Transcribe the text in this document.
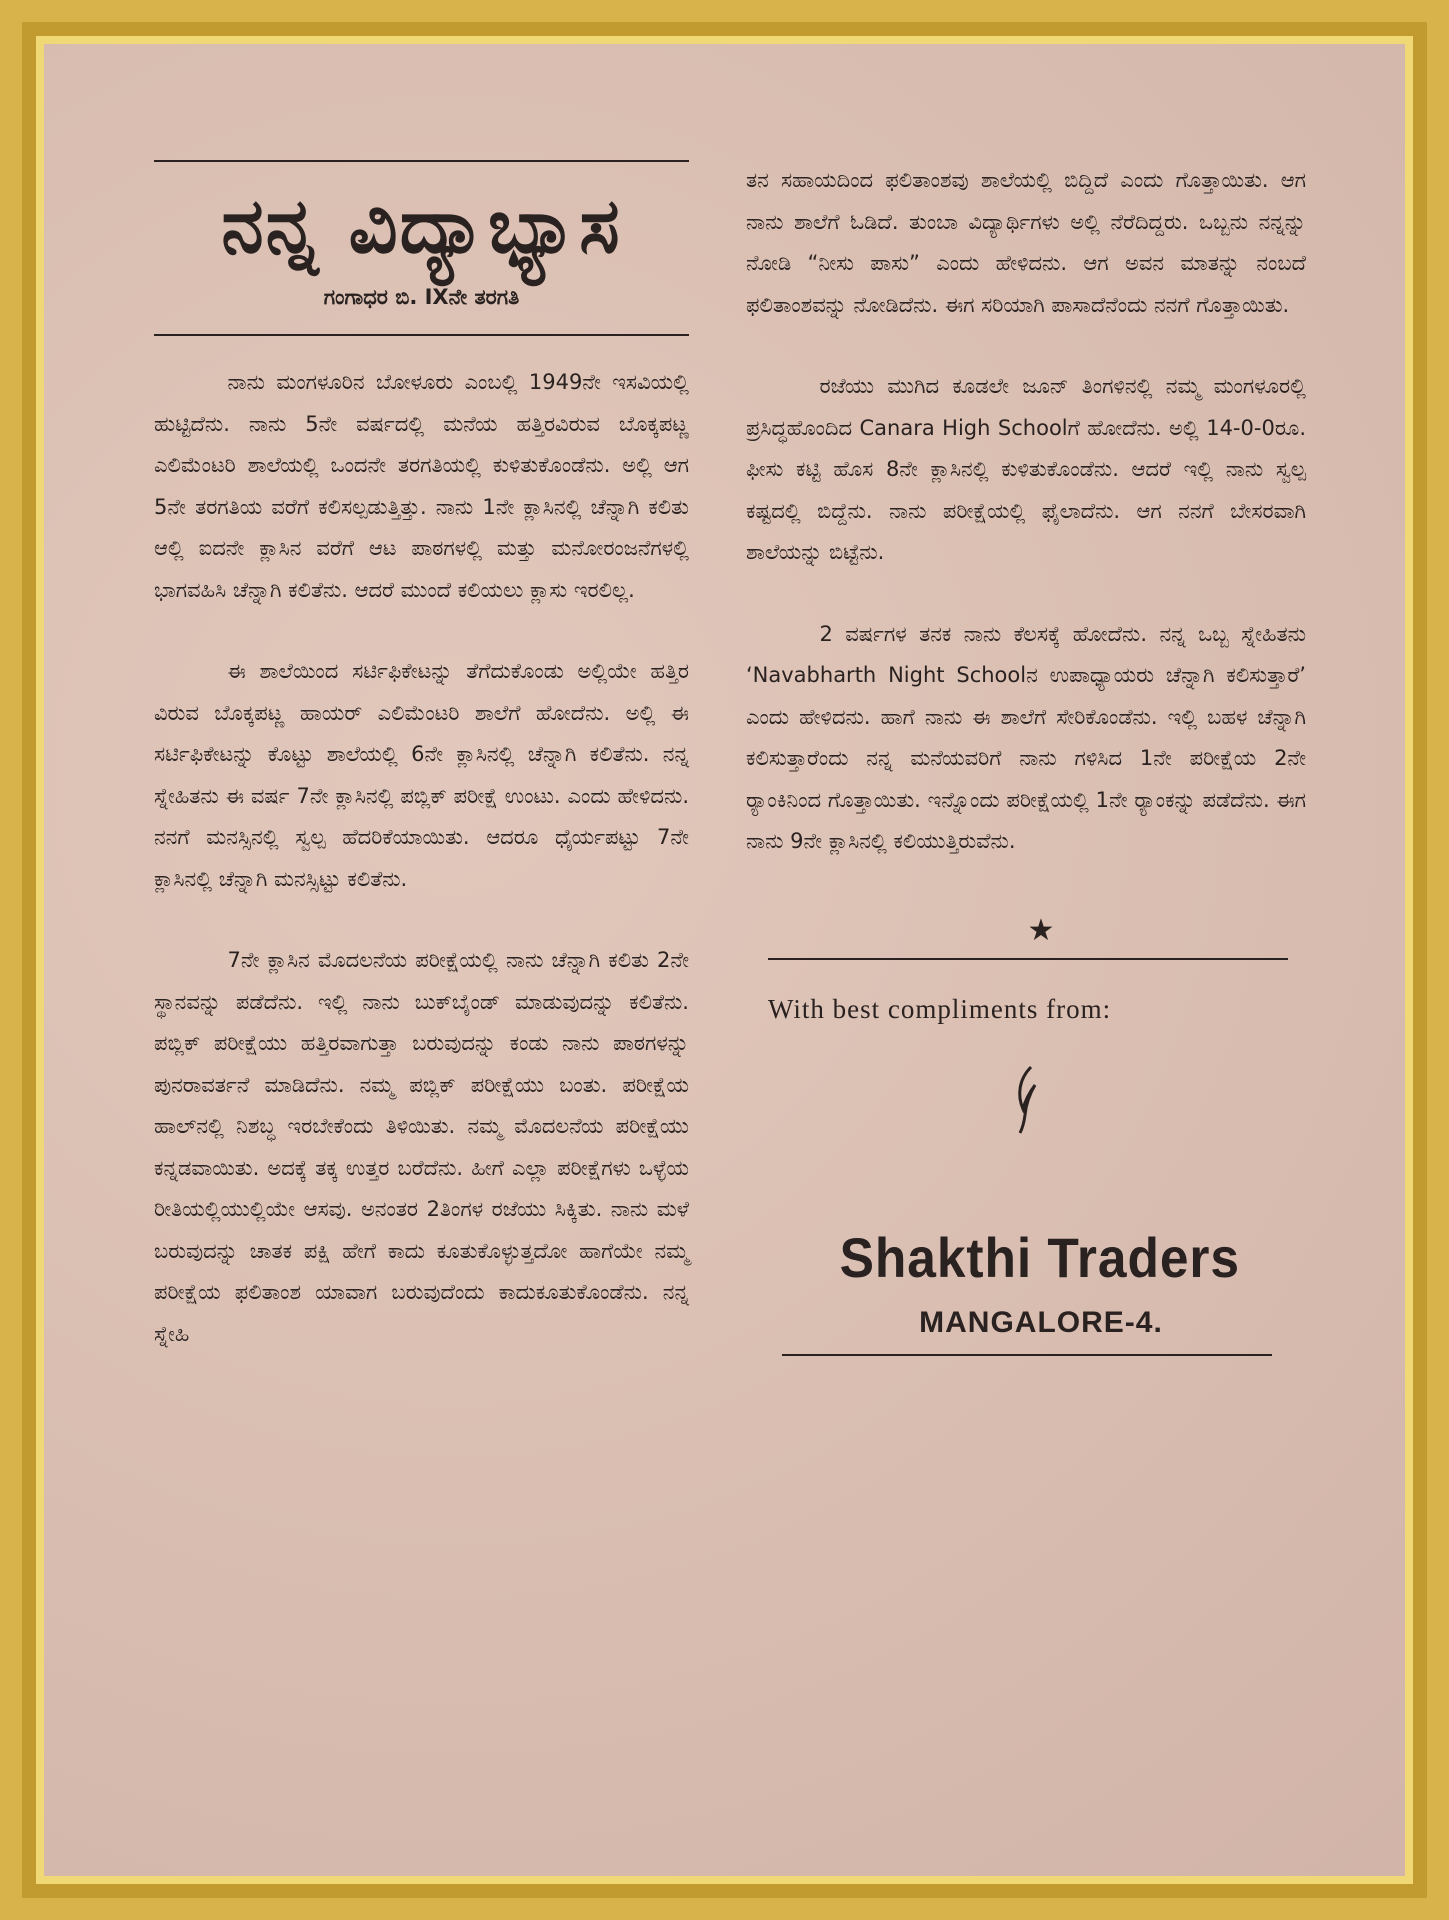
ನನ್ನ ವಿದ್ಯಾಭ್ಯಾಸ

ಗಂಗಾಧರ ಬಿ. IXನೇ ತರಗತಿ

ನಾನು ಮಂಗಳೂರಿನ ಬೋಳೂರು ಎಂಬಲ್ಲಿ 1949ನೇ ಇಸವಿಯಲ್ಲಿ ಹುಟ್ಟಿದೆನು. ನಾನು 5ನೇ ವರ್ಷದಲ್ಲಿ ಮನೆಯ ಹತ್ತಿರವಿರುವ ಬೊಕ್ಕಪಟ್ಣ ಎಲಿಮೆಂಟರಿ ಶಾಲೆಯಲ್ಲಿ ಒಂದನೇ ತರಗತಿಯಲ್ಲಿ ಕುಳಿತುಕೊಂಡೆನು. ಅಲ್ಲಿ ಆಗ 5ನೇ ತರಗತಿಯ ವರೆಗೆ ಕಲಿಸಲ್ಪಡುತ್ತಿತ್ತು. ನಾನು 1ನೇ ಕ್ಲಾಸಿನಲ್ಲಿ ಚೆನ್ನಾಗಿ ಕಲಿತು ಆಲ್ಲಿ ಐದನೇ ಕ್ಲಾಸಿನ ವರೆಗೆ ಆಟ ಪಾಠಗಳಲ್ಲಿ ಮತ್ತು ಮನೋರಂಜನೆಗಳಲ್ಲಿ ಭಾಗವಹಿಸಿ ಚೆನ್ನಾಗಿ ಕಲಿತೆನು. ಆದರೆ ಮುಂದೆ ಕಲಿಯಲು ಕ್ಲಾಸು ಇರಲಿಲ್ಲ.

ಈ ಶಾಲೆಯಿಂದ ಸರ್ಟಿಫಿಕೇಟನ್ನು ತೆಗೆದುಕೊಂಡು ಅಲ್ಲಿಯೇ ಹತ್ತಿರ ವಿರುವ ಬೊಕ್ಕಪಟ್ಣ ಹಾಯರ್ ಎಲಿಮೆಂಟರಿ ಶಾಲೆಗೆ ಹೋದೆನು. ಅಲ್ಲಿ ಈ ಸರ್ಟಿಫಿಕೇಟನ್ನು ಕೊಟ್ಟು ಶಾಲೆಯಲ್ಲಿ 6ನೇ ಕ್ಲಾಸಿನಲ್ಲಿ ಚೆನ್ನಾಗಿ ಕಲಿತೆನು. ನನ್ನ ಸ್ನೇಹಿತನು ಈ ವರ್ಷ 7ನೇ ಕ್ಲಾಸಿನಲ್ಲಿ ಪಬ್ಲಿಕ್ ಪರೀಕ್ಷೆ ಉಂಟು. ಎಂದು ಹೇಳಿದನು. ನನಗೆ ಮನಸ್ಸಿನಲ್ಲಿ ಸ್ವಲ್ಪ ಹೆದರಿಕೆಯಾಯಿತು. ಆದರೂ ಧೈರ್ಯಪಟ್ಟು 7ನೇ ಕ್ಲಾಸಿನಲ್ಲಿ ಚೆನ್ನಾಗಿ ಮನಸ್ಸಿಟ್ಟು ಕಲಿತೆನು.

7ನೇ ಕ್ಲಾಸಿನ ಮೊದಲನೆಯ ಪರೀಕ್ಷೆಯಲ್ಲಿ ನಾನು ಚೆನ್ನಾಗಿ ಕಲಿತು 2ನೇ ಸ್ಥಾನವನ್ನು ಪಡೆದೆನು. ಇಲ್ಲಿ ನಾನು ಬುಕ್‌ಬೈಂಡ್ ಮಾಡುವುದನ್ನು ಕಲಿತೆನು. ಪಬ್ಲಿಕ್ ಪರೀಕ್ಷೆಯು ಹತ್ತಿರವಾಗುತ್ತಾ ಬರುವುದನ್ನು ಕಂಡು ನಾನು ಪಾಠಗಳನ್ನು ಪುನರಾವರ್ತನೆ ಮಾಡಿದೆನು. ನಮ್ಮ ಪಬ್ಲಿಕ್ ಪರೀಕ್ಷೆಯು ಬಂತು. ಪರೀಕ್ಷೆಯ ಹಾಲ್‌ನಲ್ಲಿ ನಿಶಬ್ಧ ಇರಬೇಕೆಂದು ತಿಳಿಯಿತು. ನಮ್ಮ ಮೊದಲನೆಯ ಪರೀಕ್ಷೆಯು ಕನ್ನಡವಾಯಿತು. ಅದಕ್ಕೆ ತಕ್ಕ ಉತ್ತರ ಬರೆದೆನು. ಹೀಗೆ ಎಲ್ಲಾ ಪರೀಕ್ಷೆಗಳು ಒಳ್ಳೆಯ ರೀತಿಯಲ್ಲಿಯುಲ್ಲಿಯೇ ಆಸವು. ಅನಂತರ 2ತಿಂಗಳ ರಜೆಯು ಸಿಕ್ಕಿತು. ನಾನು ಮಳೆ ಬರುವುದನ್ನು ಚಾತಕ ಪಕ್ಷಿ ಹೇಗೆ ಕಾದು ಕೂತುಕೊಳ್ಳುತ್ತದೋ ಹಾಗೆಯೇ ನಮ್ಮ ಪರೀಕ್ಷೆಯ ಫಲಿತಾಂಶ ಯಾವಾಗ ಬರುವುದೆಂದು ಕಾದುಕೂತುಕೊಂಡೆನು. ನನ್ನ ಸ್ನೇಹಿ

ತನ ಸಹಾಯದಿಂದ ಫಲಿತಾಂಶವು ಶಾಲೆಯಲ್ಲಿ ಬಿದ್ದಿದೆ ಎಂದು ಗೊತ್ತಾಯಿತು. ಆಗ ನಾನು ಶಾಲೆಗೆ ಓಡಿದೆ. ತುಂಬಾ ವಿದ್ಯಾರ್ಥಿಗಳು ಅಲ್ಲಿ ನೆರೆದಿದ್ದರು. ಒಬ್ಬನು ನನ್ನನ್ನು ನೋಡಿ “ನೀಸು ಪಾಸು” ಎಂದು ಹೇಳಿದನು. ಆಗ ಅವನ ಮಾತನ್ನು ನಂಬದೆ ಫಲಿತಾಂಶವನ್ನು ನೋಡಿದೆನು. ಈಗ ಸರಿಯಾಗಿ ಪಾಸಾದೆನೆಂದು ನನಗೆ ಗೊತ್ತಾಯಿತು.

ರಜೆಯು ಮುಗಿದ ಕೂಡಲೇ ಜೂನ್ ತಿಂಗಳಿನಲ್ಲಿ ನಮ್ಮ ಮಂಗಳೂರಲ್ಲಿ ಪ್ರಸಿದ್ಧಹೊಂದಿದ Canara High Schoolಗೆ ಹೋದೆನು. ಅಲ್ಲಿ 14-0-0ರೂ. ಫೀಸು ಕಟ್ಟಿ ಹೊಸ 8ನೇ ಕ್ಲಾಸಿನಲ್ಲಿ ಕುಳಿತುಕೊಂಡೆನು. ಆದರೆ ಇಲ್ಲಿ ನಾನು ಸ್ವಲ್ಪ ಕಷ್ಟದಲ್ಲಿ ಬಿದ್ದೆನು. ನಾನು ಪರೀಕ್ಷೆಯಲ್ಲಿ ಫೈಲಾದೆನು. ಆಗ ನನಗೆ ಬೇಸರವಾಗಿ ಶಾಲೆಯನ್ನು ಬಿಟ್ಟೆನು.

2 ವರ್ಷಗಳ ತನಕ ನಾನು ಕೆಲಸಕ್ಕೆ ಹೋದೆನು. ನನ್ನ ಒಬ್ಬ ಸ್ನೇಹಿತನು ‘Navabharth Night Schoolನ ಉಪಾಧ್ಯಾಯರು ಚೆನ್ನಾಗಿ ಕಲಿಸುತ್ತಾರೆ’ ಎಂದು ಹೇಳಿದನು. ಹಾಗೆ ನಾನು ಈ ಶಾಲೆಗೆ ಸೇರಿಕೊಂಡೆನು. ಇಲ್ಲಿ ಬಹಳ ಚೆನ್ನಾಗಿ ಕಲಿಸುತ್ತಾರೆಂದು ನನ್ನ ಮನೆಯವರಿಗೆ ನಾನು ಗಳಿಸಿದ 1ನೇ ಪರೀಕ್ಷೆಯ 2ನೇ ರ್‍ಯಾಂಕಿನಿಂದ ಗೊತ್ತಾಯಿತು. ಇನ್ನೊಂದು ಪರೀಕ್ಷೆಯಲ್ಲಿ 1ನೇ ರ್‍ಯಾಂಕನ್ನು ಪಡೆದೆನು. ಈಗ ನಾನು 9ನೇ ಕ್ಲಾಸಿನಲ್ಲಿ ಕಲಿಯುತ್ತಿರುವೆನು.

★

With best compliments from:

Shakthi Traders
MANGALORE-4.
